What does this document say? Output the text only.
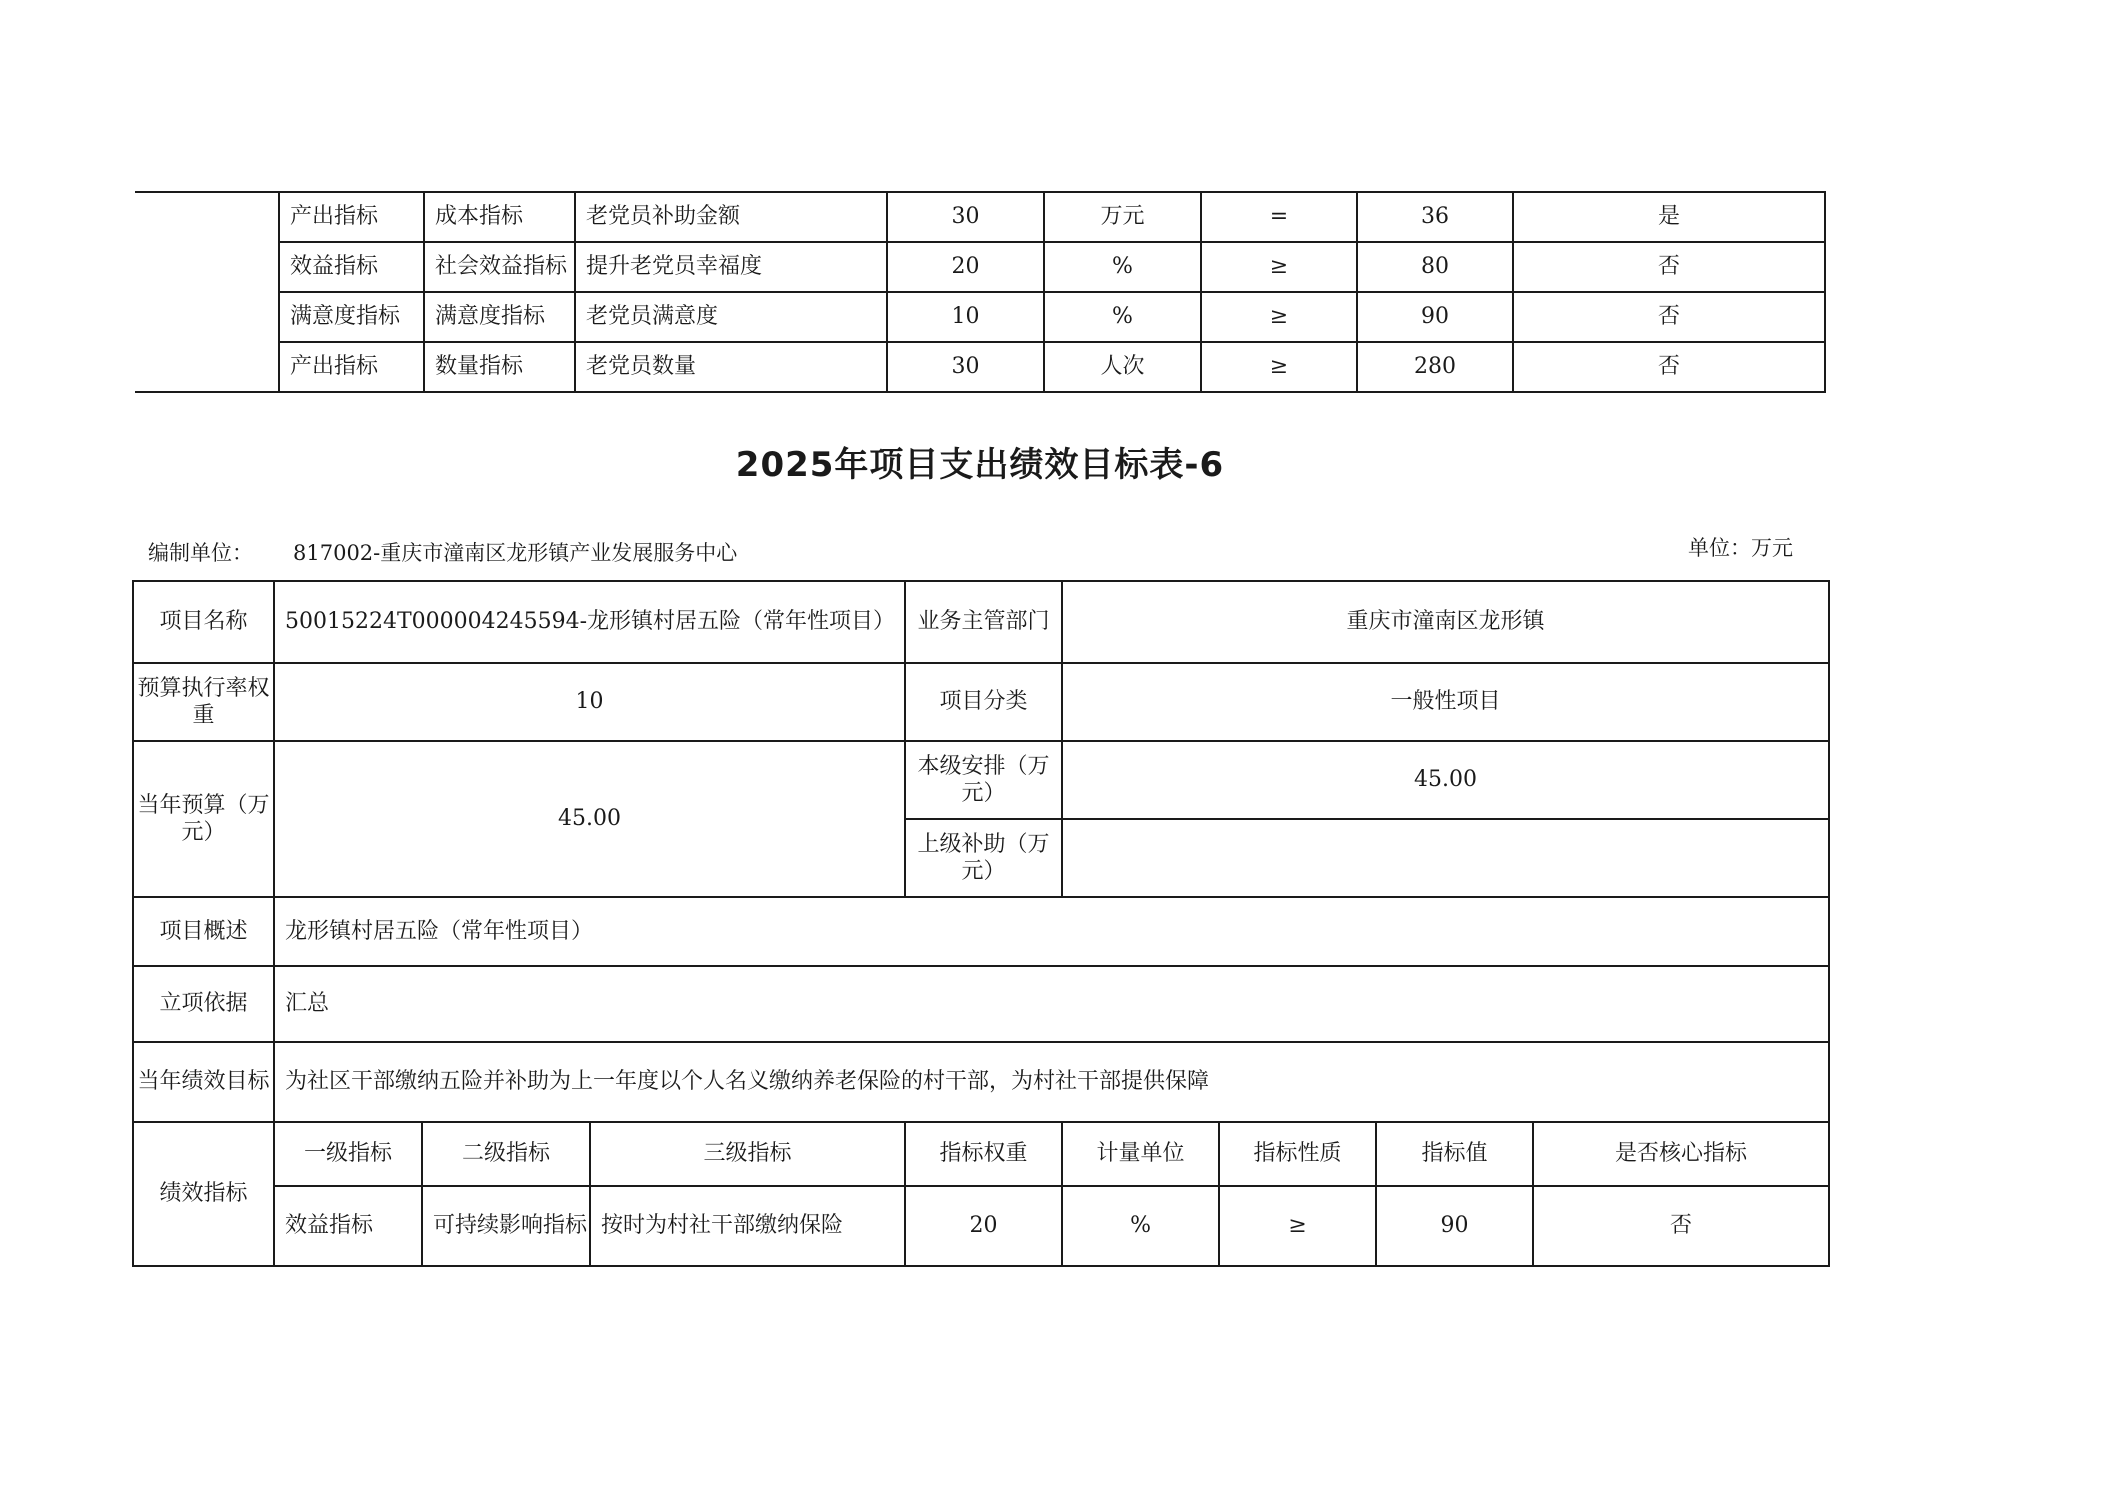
	产出指标	成本指标	老党员补助金额	30	万元	=	36	是
	效益指标	社会效益指标	提升老党员幸福度	20	%	≥	80	否
	满意度指标	满意度指标	老党员满意度	10	%	≥	90	否
	产出指标	数量指标	老党员数量	30	人次	≥	280	否
2025年项目支出绩效目标表-6
编制单位： 817002-重庆市潼南区龙形镇产业发展服务中心	单位：万元
项目名称	50015224T000004245594-龙形镇村居五险（常年性项目）			业务主管部门	重庆市潼南区龙形镇			
预算执行率权重	10			项目分类	一般性项目			
当年预算（万元）	45.00			本级安排（万元）	45.00			
				上级补助（万元）				
项目概述	龙形镇村居五险（常年性项目）							
立项依据	汇总							
当年绩效目标	为社区干部缴纳五险并补助为上一年度以个人名义缴纳养老保险的村干部，为村社干部提供保障							
绩效指标	一级指标	二级指标	三级指标	指标权重	计量单位	指标性质	指标值	是否核心指标
	效益指标	可持续影响指标	按时为村社干部缴纳保险	20	%	≥	90	否
